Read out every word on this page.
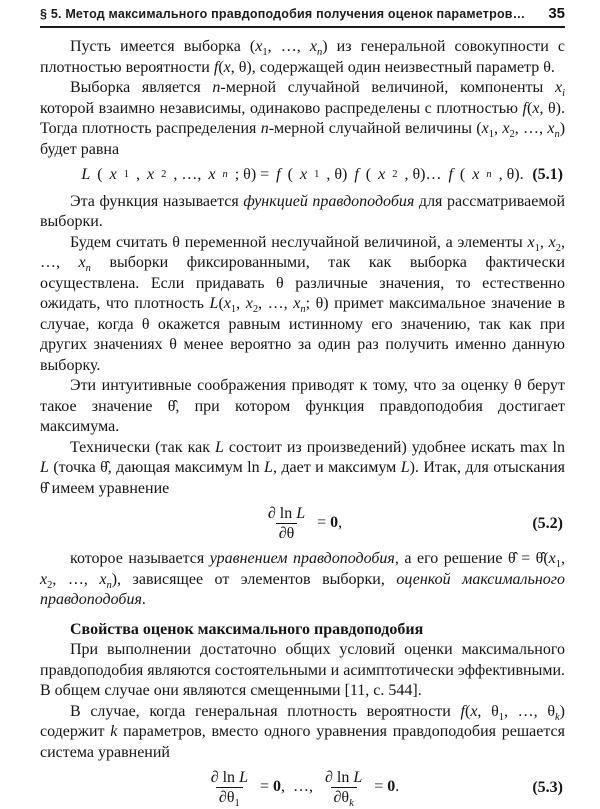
§ 5. Метод максимального правдоподобия получения оценок параметров… 35

Пусть имеется выборка ($x_1$, …, $x_n$) из генеральной совокупности с плотностью вероятности f(x, θ), содержащей один неизвестный параметр θ.

Выборка является n-мерной случайной величиной, компоненты $x_i$ которой взаимно независимы, одинаково распределены с плотностью f(x, θ). Тогда плотность распределения n-мерной случайной величины ($x_1$, $x_2$, …, $x_n$) будет равна

L ( x 1 , x 2 , …, x n ; θ) = f ( x 1 , θ) f ( x 2 , θ)… f ( x n , θ). (5.1)

Эта функция называется функцией правдоподобия для рассматриваемой выборки.

Будем считать θ переменной неслучайной величиной, а элементы $x_1$, $x_2$, …, $x_n$ выборки фиксированными, так как выборка фактически осуществлена. Если придавать θ различные значения, то естественно ожидать, что плотность $L(x_1$, $x_2$, …, $x_n$; θ) примет максимальное значение в случае, когда θ окажется равным истинному его значению, так как при других значениях θ менее вероятно за один раз получить именно данную выборку.

Эти интуитивные соображения приводят к тому, что за оценку θ берут такое значение θ̂, при котором функция правдоподобия достигает максимума.

Технически (так как L состоит из произведений) удобнее искать max ln L (точка θ̂, дающая максимум ln L, дает и максимум L). Итак, для отыскания θ̂ имеем уравнение

$\frac{\text{∂ ln L}}{\partial\theta} = 0$,	(5.2)

которое называется уравнением правдоподобия, а его решение θ̂ = $\thetâ(x_1$, $x_2$, …, $x_n$), зависящее от элементов выборки, оценкой максимального правдоподобия.

Свойства оценок максимального правдоподобия

При выполнении достаточно общих условий оценки максимального правдоподобия являются состоятельными и асимптотически эффективными. В общем случае они являются смещенными [11, с. 544].

В случае, когда генеральная плотность вероятности f(x, $\theta_1$, …, $\theta_k$) содержит k параметров, вместо одного уравнения правдоподобия решается система уравнений

$\frac{\text{∂ ln L}}{\partial\theta_1} = 0$,  …, $\frac{\text{∂ ln L}}{\partial\theta_k} = 0$.	(5.3)
